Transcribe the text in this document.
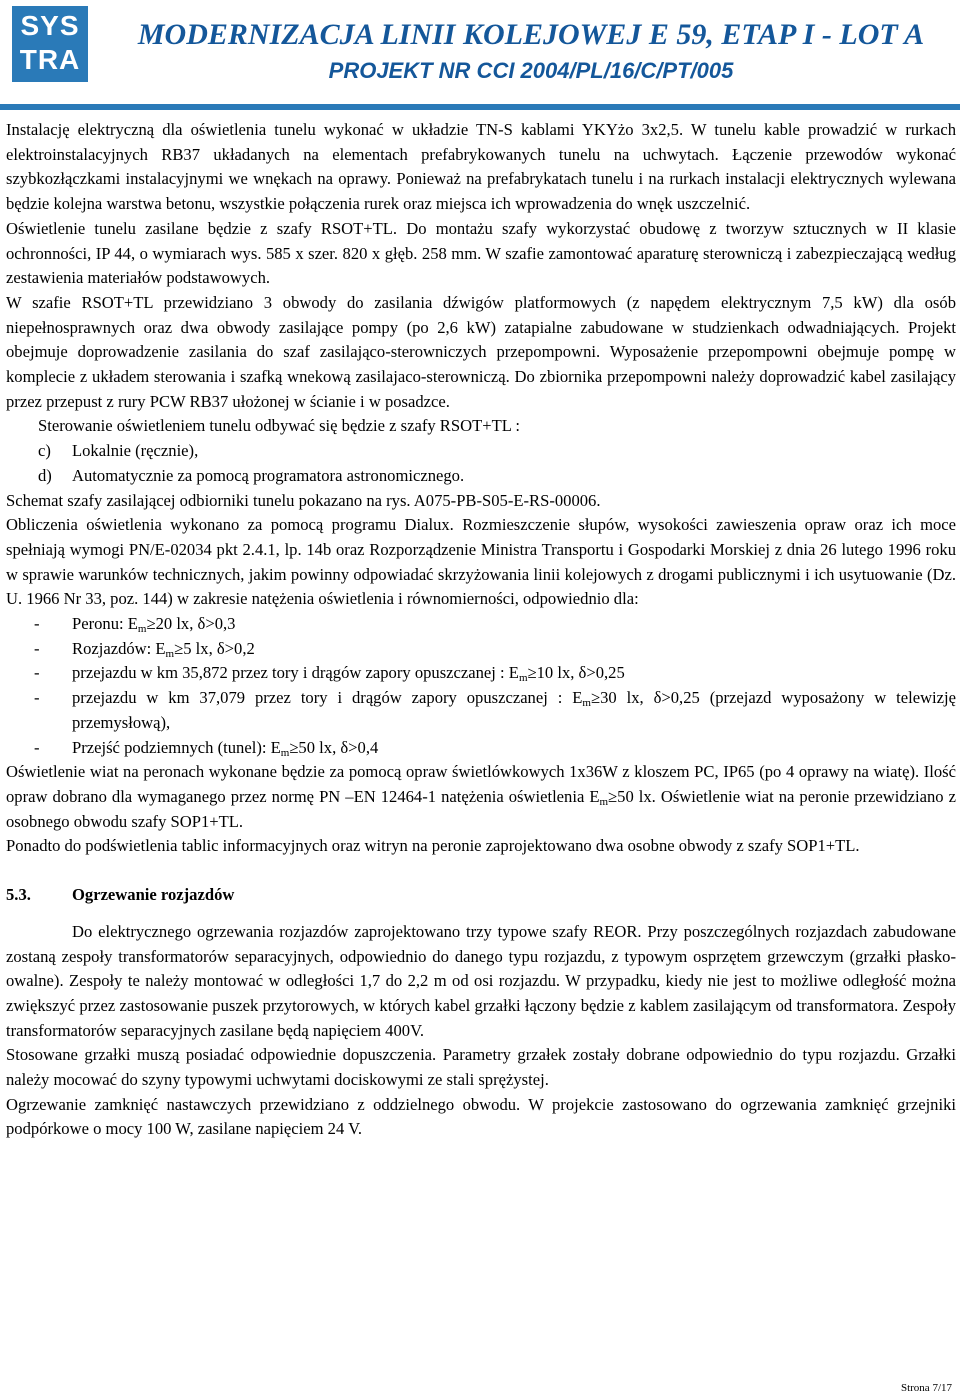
SYS
TRA
MODERNIZACJA LINII KOLEJOWEJ E 59, ETAP I - LOT A
PROJEKT NR CCI 2004/PL/16/C/PT/005

Instalację elektryczną dla oświetlenia tunelu wykonać w układzie TN-S kablami YKYżo 3x2,5. W tunelu kable prowadzić w rurkach elektroinstalacyjnych RB37 układanych na elementach prefabrykowanych tunelu na uchwytach. Łączenie przewodów wykonać szybkozłączkami instalacyjnymi we wnękach na oprawy. Ponieważ na prefabrykatach tunelu i na rurkach instalacji elektrycznych wylewana będzie kolejna warstwa betonu, wszystkie połączenia rurek oraz miejsca ich wprowadzenia do wnęk uszczelnić.

Oświetlenie tunelu zasilane będzie z szafy RSOT+TL. Do montażu szafy wykorzystać obudowę z tworzyw sztucznych w II klasie ochronności, IP 44, o wymiarach wys. 585 x szer. 820 x głęb. 258 mm. W szafie zamontować aparaturę sterowniczą i zabezpieczającą według zestawienia materiałów podstawowych.

W szafie RSOT+TL przewidziano 3 obwody do zasilania dźwigów platformowych (z napędem elektrycznym 7,5 kW) dla osób niepełnosprawnych oraz dwa obwody zasilające pompy (po 2,6 kW) zatapialne zabudowane w studzienkach odwadniających. Projekt obejmuje doprowadzenie zasilania do szaf zasilająco-sterowniczych przepompowni. Wyposażenie przepompowni obejmuje pompę w komplecie z układem sterowania i szafką wnekową zasilajaco-sterowniczą. Do zbiornika przepompowni należy doprowadzić kabel zasilający przez przepust z rury PCW RB37 ułożonej w ścianie i w posadzce.

Sterowanie oświetleniem tunelu odbywać się będzie z szafy RSOT+TL :

c)	Lokalnie (ręcznie),
d)	Automatycznie za pomocą programatora astronomicznego.

Schemat szafy zasilającej odbiorniki tunelu pokazano na rys. A075-PB-S05-E-RS-00006.

Obliczenia oświetlenia wykonano za pomocą programu Dialux. Rozmieszczenie słupów, wysokości zawieszenia opraw oraz ich moce spełniają wymogi PN/E-02034 pkt 2.4.1, lp. 14b oraz Rozporządzenie Ministra Transportu i Gospodarki Morskiej z dnia 26 lutego 1996 roku w sprawie warunków technicznych, jakim powinny odpowiadać skrzyżowania linii kolejowych z drogami publicznymi i ich usytuowanie (Dz. U. 1966 Nr 33, poz. 144) w zakresie natężenia oświetlenia i równomierności, odpowiednio dla:

-	Peronu: $E_m\ge 20$ lx, δ>0,3
-	Rozjazdów: $E_m\ge 5$ lx, δ>0,2
-	przejazdu w km 35,872 przez tory i drągów zapory opuszczanej : $E_m\ge 10$ lx, δ>0,25
-	przejazdu w km 37,079 przez tory i drągów zapory opuszczanej : $E_m\ge 30$ lx, δ>0,25 (przejazd wyposażony w telewizję przemysłową),
-	Przejść podziemnych (tunel): $E_m\ge 50$ lx, δ>0,4

Oświetlenie wiat na peronach wykonane będzie za pomocą opraw świetlówkowych 1x36W z kloszem PC, IP65 (po 4 oprawy na wiatę). Ilość opraw dobrano dla wymaganego przez normę PN –EN 12464-1 natężenia oświetlenia $E_m\ge 50$ lx. Oświetlenie wiat na peronie przewidziano z osobnego obwodu szafy SOP1+TL.

Ponadto do podświetlenia tablic informacyjnych oraz witryn na peronie zaprojektowano dwa osobne obwody z szafy SOP1+TL.

5.3.	Ogrzewanie rozjazdów

Do elektrycznego ogrzewania rozjazdów zaprojektowano trzy typowe szafy REOR. Przy poszczególnych rozjazdach zabudowane zostaną zespoły transformatorów separacyjnych, odpowiednio do danego typu rozjazdu, z typowym osprzętem grzewczym (grzałki płasko-owalne). Zespoły te należy montować w odległości 1,7 do 2,2 m od osi rozjazdu. W przypadku, kiedy nie jest to możliwe odległość można zwiększyć przez zastosowanie puszek przytorowych, w których kabel grzałki łączony będzie z kablem zasilającym od transformatora. Zespoły transformatorów separacyjnych zasilane będą napięciem 400V.

Stosowane grzałki muszą posiadać odpowiednie dopuszczenia. Parametry grzałek zostały dobrane odpowiednio do typu rozjazdu. Grzałki należy mocować do szyny typowymi uchwytami dociskowymi ze stali sprężystej.

Ogrzewanie zamknięć nastawczych przewidziano z oddzielnego obwodu. W projekcie zastosowano do ogrzewania zamknięć grzejniki podpórkowe o mocy 100 W, zasilane napięciem 24 V.

Strona 7/17
